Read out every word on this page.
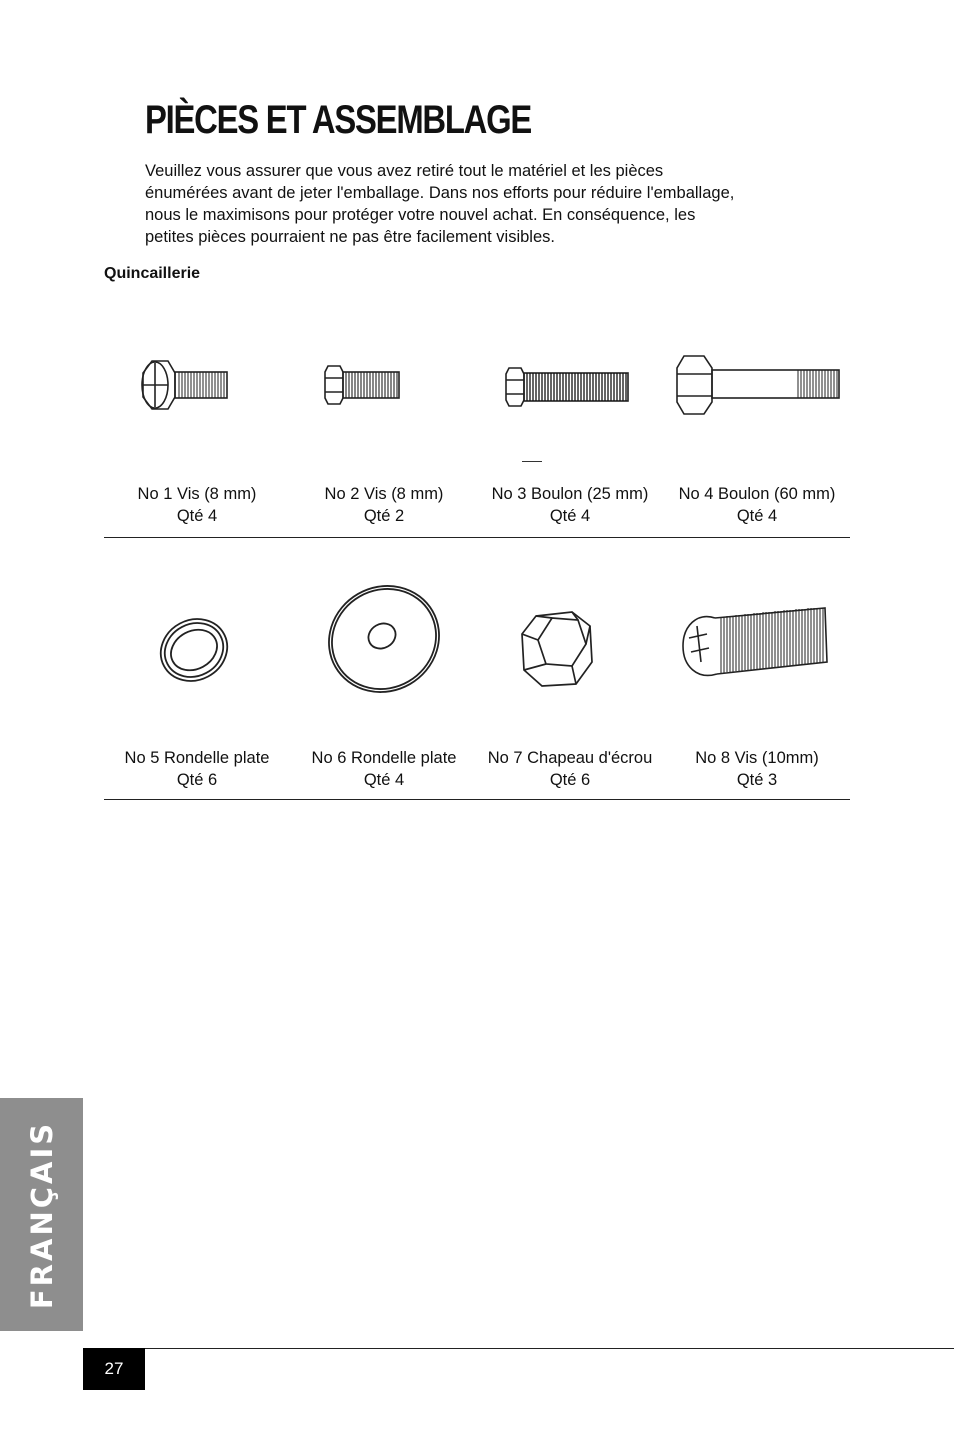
PIÈCES ET ASSEMBLAGE

Veuillez vous assurer que vous avez retiré tout le matériel et les pièces énumérées avant de jeter l'emballage. Dans nos efforts pour réduire l'emballage, nous le maximisons pour protéger votre nouvel achat. En conséquence, les petites pièces pourraient ne pas être facilement visibles.

Quincaillerie

No 1 Vis (8 mm)
Qté 4
No 2 Vis (8 mm)
Qté 2
No 3 Boulon (25 mm)
Qté 4
No 4 Boulon (60 mm)
Qté 4
No 5 Rondelle plate
Qté 6
No 6 Rondelle plate
Qté 4
No 7 Chapeau d'écrou
Qté 6
No 8 Vis (10mm)
Qté 3
FRANÇAIS
27
